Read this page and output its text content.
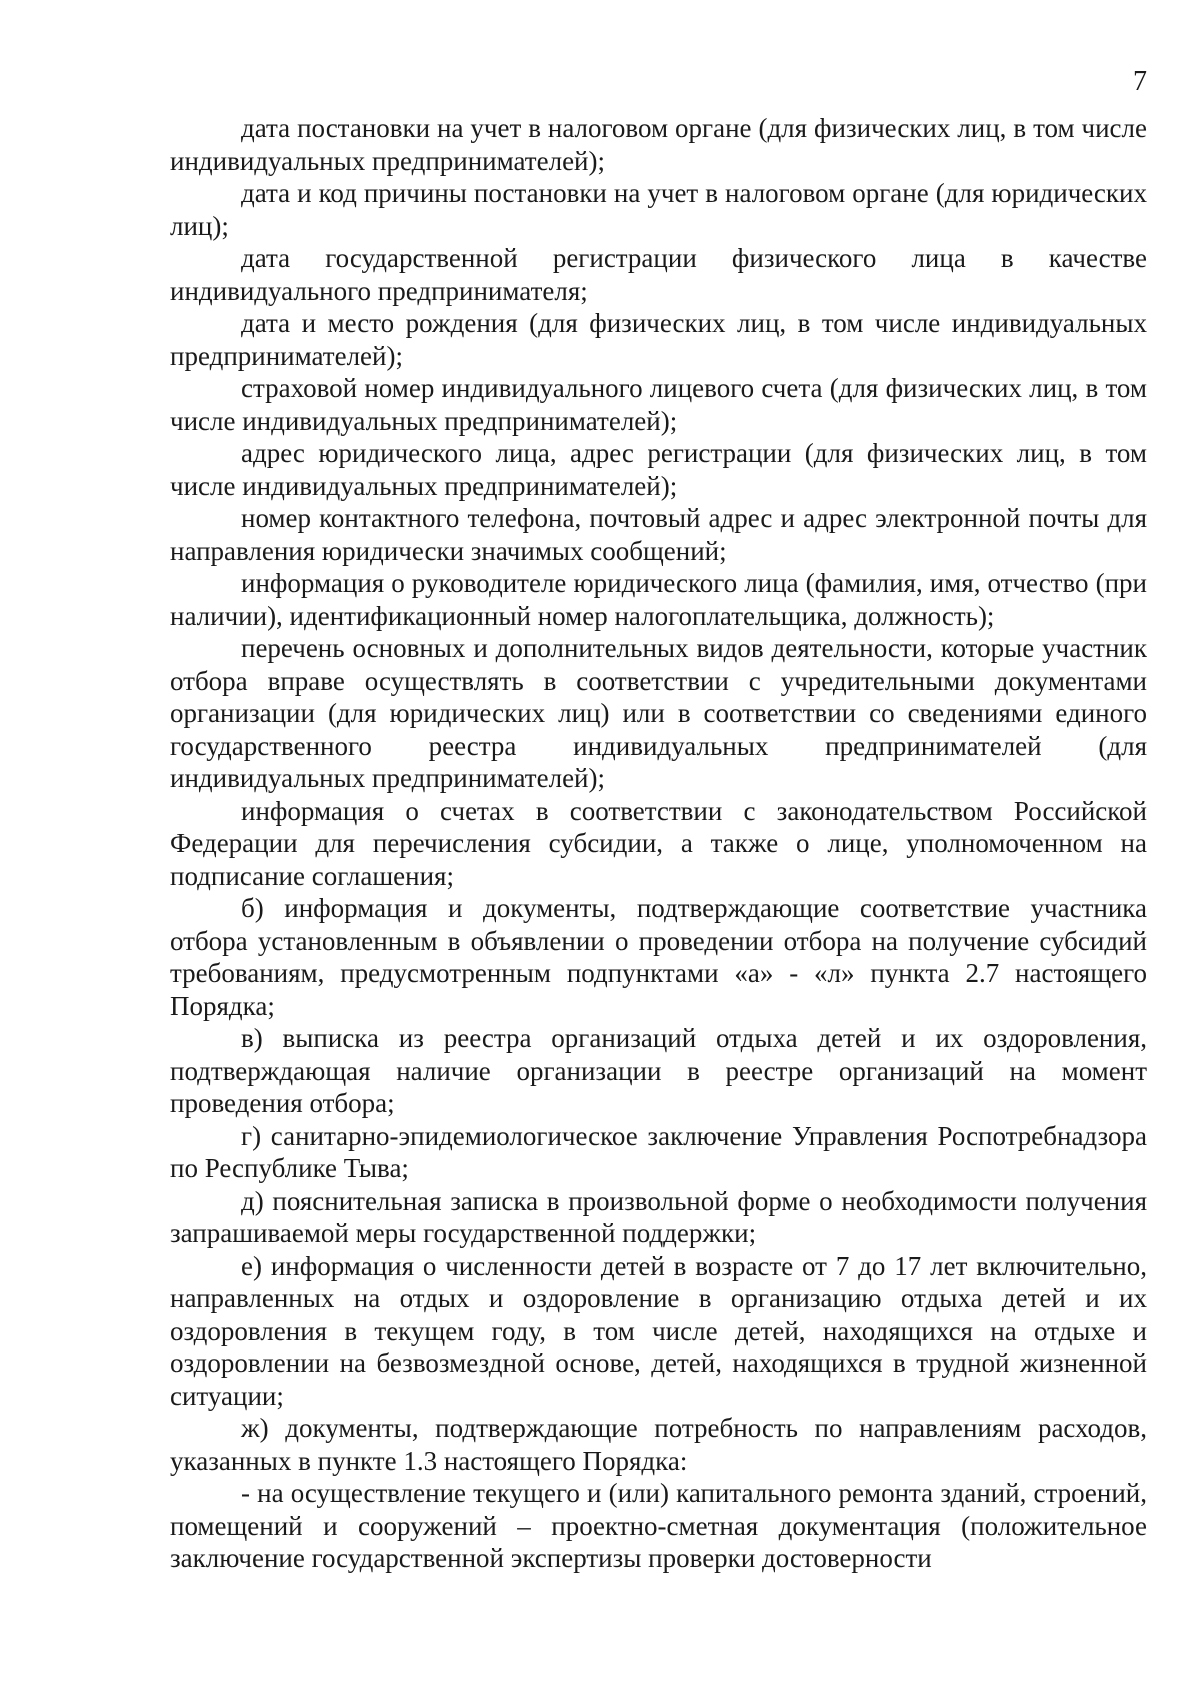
7

дата постановки на учет в налоговом органе (для физических лиц, в том числе индивидуальных предпринимателей);

дата и код причины постановки на учет в налоговом органе (для юридических лиц);

дата государственной регистрации физического лица в качестве индивидуального предпринимателя;

дата и место рождения (для физических лиц, в том числе индивидуальных предпринимателей);

страховой номер индивидуального лицевого счета (для физических лиц, в том числе индивидуальных предпринимателей);

адрес юридического лица, адрес регистрации (для физических лиц, в том числе индивидуальных предпринимателей);

номер контактного телефона, почтовый адрес и адрес электронной почты для направления юридически значимых сообщений;

информация о руководителе юридического лица (фамилия, имя, отчество (при наличии), идентификационный номер налогоплательщика, должность);

перечень основных и дополнительных видов деятельности, которые участник отбора вправе осуществлять в соответствии с учредительными документами организации (для юридических лиц) или в соответствии со сведениями единого государственного реестра индивидуальных предпринимателей (для индивидуальных предпринимателей);

информация о счетах в соответствии с законодательством Российской Федерации для перечисления субсидии, а также о лице, уполномоченном на подписание соглашения;

б) информация и документы, подтверждающие соответствие участника отбора установленным в объявлении о проведении отбора на получение субсидий требованиям, предусмотренным подпунктами «а» - «л» пункта 2.7 настоящего Порядка;

в) выписка из реестра организаций отдыха детей и их оздоровления, подтверждающая наличие организации в реестре организаций на момент проведения отбора;

г) санитарно-эпидемиологическое заключение Управления Роспотребнадзора по Республике Тыва;

д) пояснительная записка в произвольной форме о необходимости получения запрашиваемой меры государственной поддержки;

е) информация о численности детей в возрасте от 7 до 17 лет включительно, направленных на отдых и оздоровление в организацию отдыха детей и их оздоровления в текущем году, в том числе детей, находящихся на отдыхе и оздоровлении на безвозмездной основе, детей, находящихся в трудной жизненной ситуации;

ж) документы, подтверждающие потребность по направлениям расходов, указанных в пункте 1.3 настоящего Порядка:

- на осуществление текущего и (или) капитального ремонта зданий, строений, помещений и сооружений – проектно-сметная документация (положительное заключение государственной экспертизы проверки достоверности
